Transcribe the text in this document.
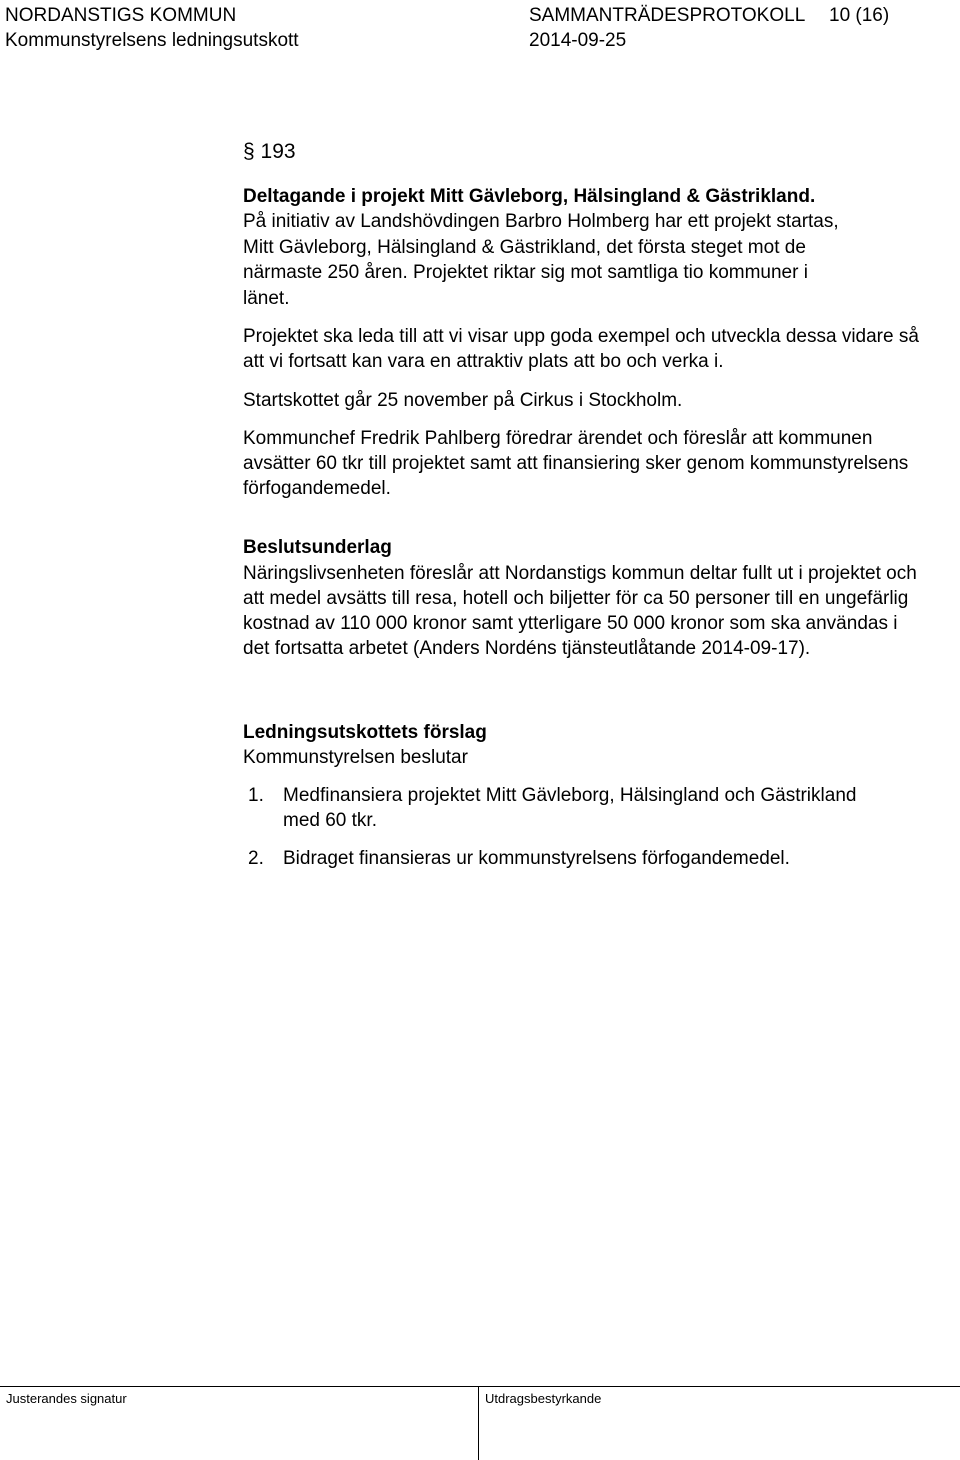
NORDANSTIGS KOMMUN	SAMMANTRÄDESPROTOKOLL 10 (16)
Kommunstyrelsens ledningsutskott	2014-09-25
§ 193

Deltagande i projekt Mitt Gävleborg, Hälsingland & Gästrikland.

På initiativ av Landshövdingen Barbro Holmberg har ett projekt startas,

Mitt Gävleborg, Hälsingland & Gästrikland, det första steget mot de

närmaste 250 åren. Projektet riktar sig mot samtliga tio kommuner i

länet.

Projektet ska leda till att vi visar upp goda exempel och utveckla dessa vidare så att vi fortsatt kan vara en attraktiv plats att bo och verka i.

Startskottet går 25 november på Cirkus i Stockholm.

Kommunchef Fredrik Pahlberg föredrar ärendet och föreslår att kommunen avsätter 60 tkr till projektet samt att finansiering sker genom kommunstyrelsens förfogandemedel.

Beslutsunderlag

Näringslivsenheten föreslår att Nordanstigs kommun deltar fullt ut i projektet och att medel avsätts till resa, hotell och biljetter för ca 50 personer till en ungefärlig kostnad av 110 000 kronor samt ytterligare 50 000 kronor som ska användas i det fortsatta arbetet (Anders Nordéns tjänsteutlåtande 2014-09-17).

Ledningsutskottets förslag

Kommunstyrelsen beslutar

1. Medfinansiera projektet Mitt Gävleborg, Hälsingland och Gästrikland med 60 tkr.
2. Bidraget finansieras ur kommunstyrelsens förfogandemedel.
Justerandes signatur	Utdragsbestyrkande
